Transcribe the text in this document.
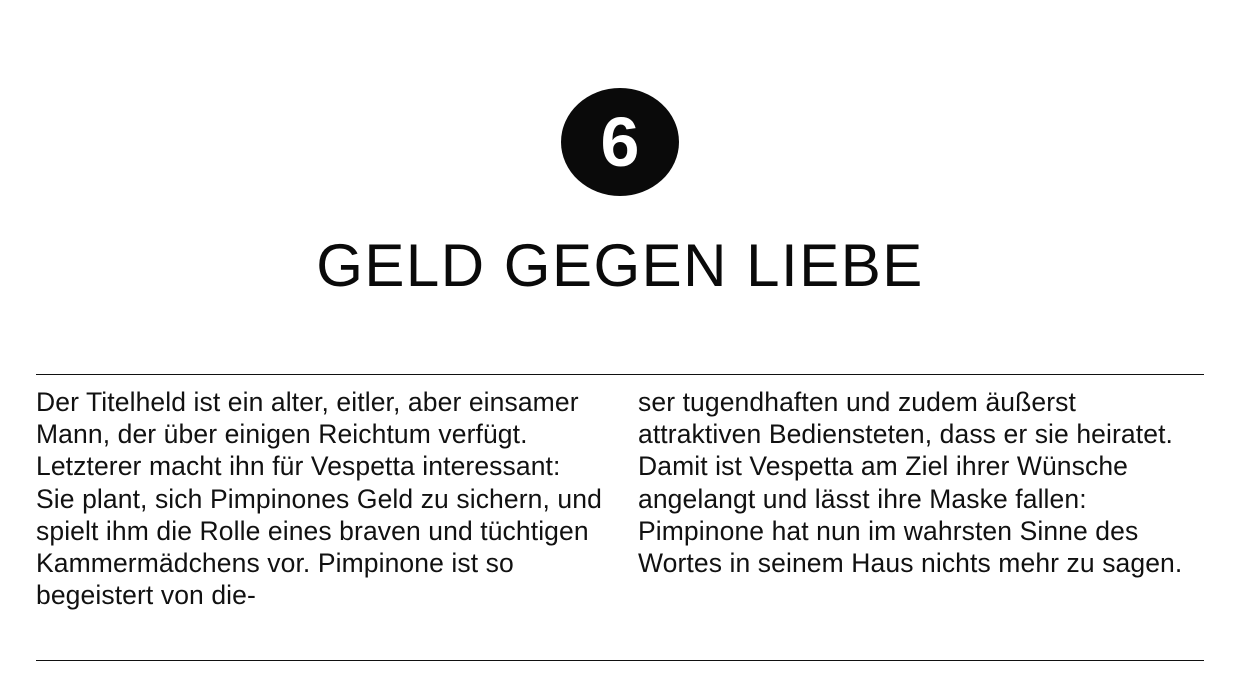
6
GELD GEGEN LIEBE

Der Titelheld ist ein alter, eitler, aber einsamer Mann, der über einigen Reichtum verfügt. Letzterer macht ihn für Vespetta interessant: Sie plant, sich Pimpinones Geld zu sichern, und spielt ihm die Rolle eines braven und tüchtigen Kammermädchens vor. Pimpinone ist so begeistert von die-

ser tugendhaften und zudem äußerst attraktiven Bediensteten, dass er sie heiratet. Damit ist Vespetta am Ziel ihrer Wünsche angelangt und lässt ihre Maske fallen: Pimpinone hat nun im wahrsten Sinne des Wortes in seinem Haus nichts mehr zu sagen.
